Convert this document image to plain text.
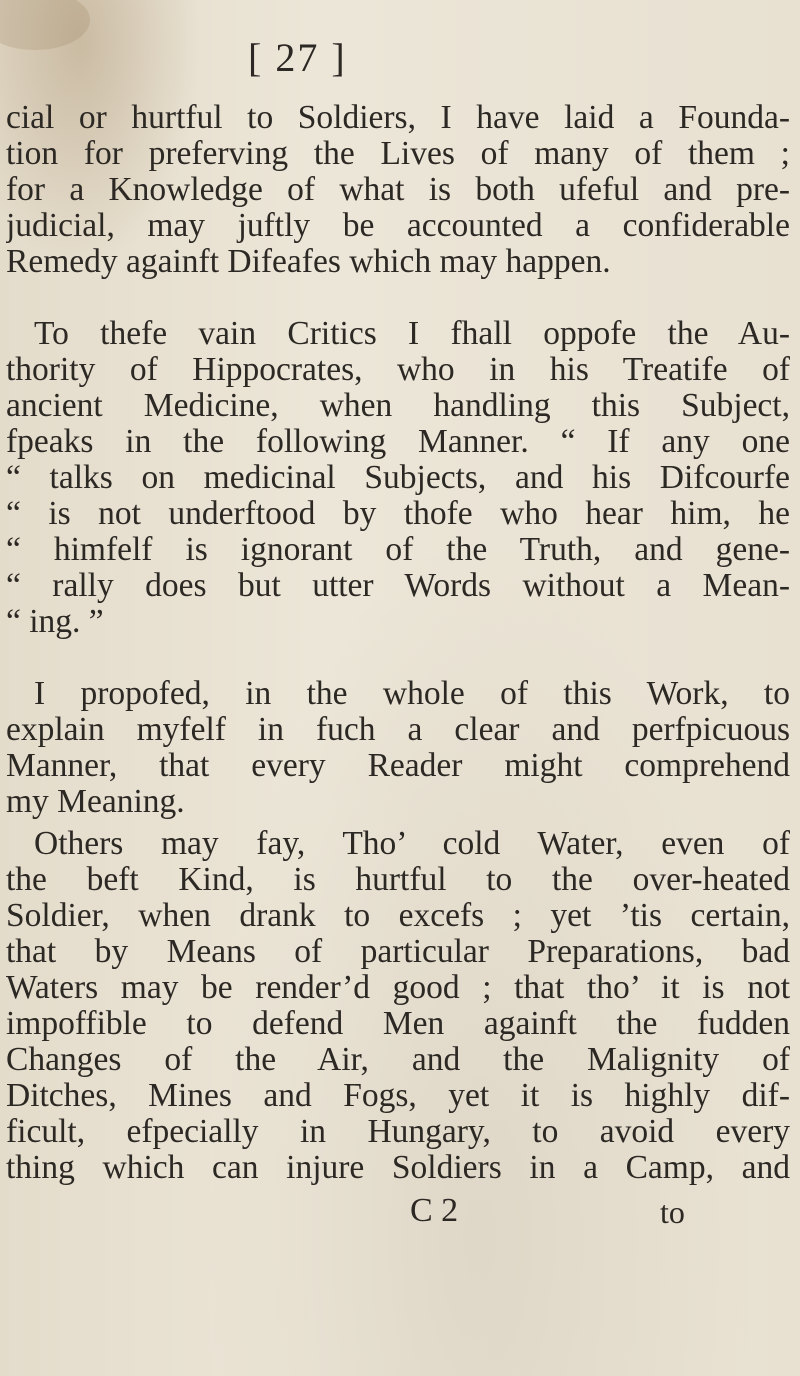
[ 27 ]
cial or hurtful to Soldiers, I have laid a Founda-
tion for preferving the Lives of many of them ;
for a Knowledge of what is both ufeful and pre-
judicial, may juftly be accounted a confiderable
Remedy againft Difeafes which may happen.
To thefe vain Critics I fhall oppofe the Au-
thority of Hippocrates, who in his Treatife of
ancient Medicine, when handling this Subject,
fpeaks in the following Manner. “ If any one
“ talks on medicinal Subjects, and his Difcourfe
“ is not underftood by thofe who hear him, he
“ himfelf is ignorant of the Truth, and gene-
“ rally does but utter Words without a Mean-
“ ing. ”
I propofed, in the whole of this Work, to
explain myfelf in fuch a clear and perfpicuous
Manner, that every Reader might comprehend
my Meaning.
Others may fay, Tho’ cold Water, even of
the beft Kind, is hurtful to the over-heated
Soldier, when drank to excefs ; yet ’tis certain,
that by Means of particular Preparations, bad
Waters may be render’d good ; that tho’ it is not
impoffible to defend Men againft the fudden
Changes of the Air, and the Malignity of
Ditches, Mines and Fogs, yet it is highly dif-
ficult, efpecially in Hungary, to avoid every
thing which can injure Soldiers in a Camp, and
C 2	to
